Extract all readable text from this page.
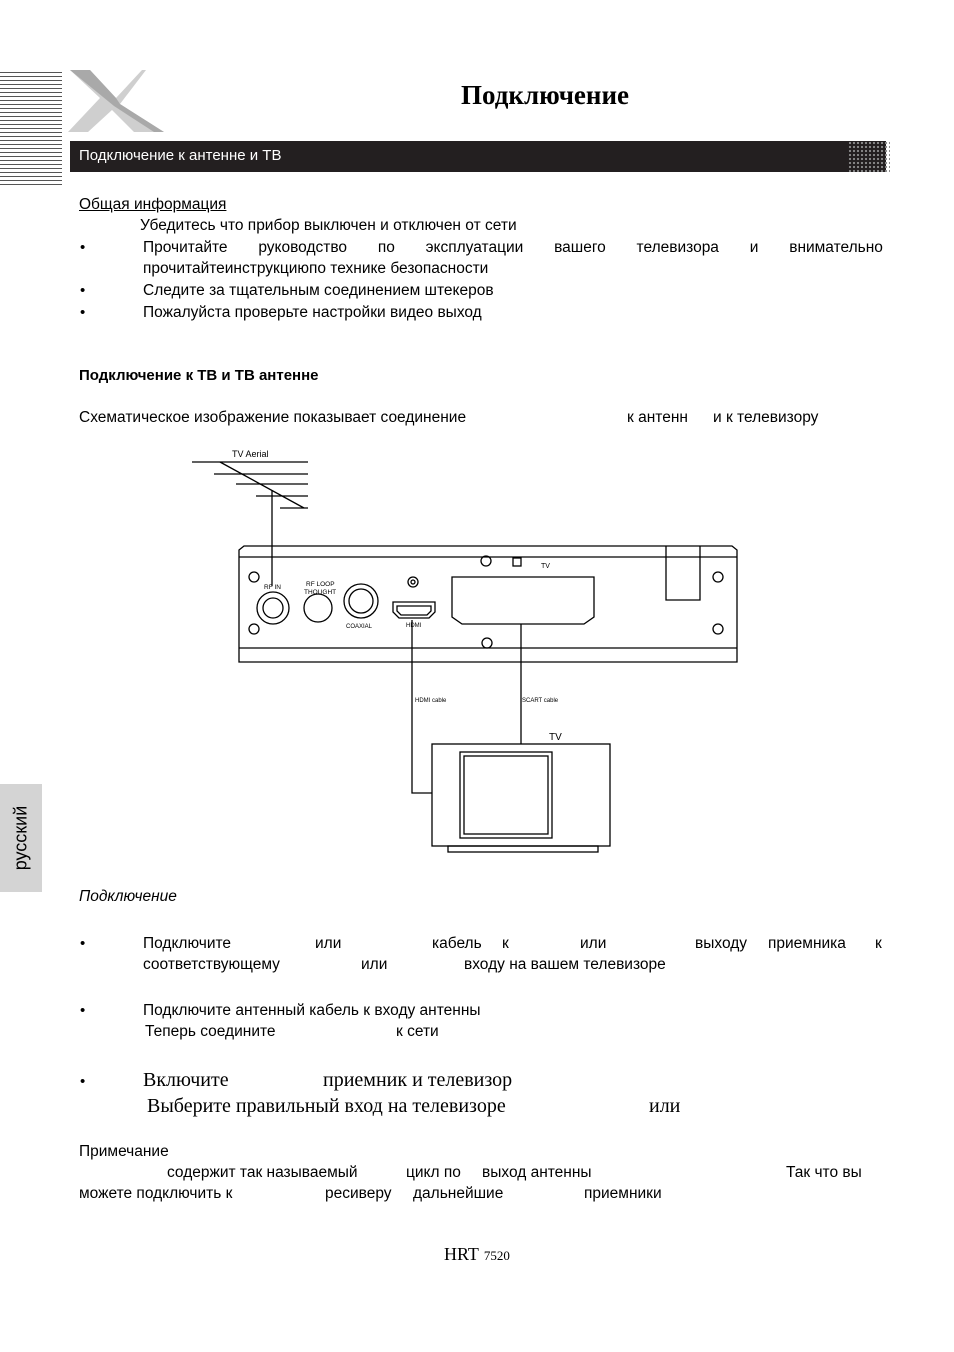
Подключение
Подключение к антенне и ТВ
Общая информация
Убедитесь что прибор выключен и отключен от сети
•	Прочитайте руководство по эксплуатации вашего телевизора и внимательно
прочитайтеинструкциюпо технике безопасности
•	Следите за тщательным соединением штекеров
•	Пожалуйста проверьте настройки видео выход
Подключение к ТВ и ТВ антенне
Схематическое изображение показывает соединение	к антенн и к телевизору
TV Aerial
TV
RF IN	RF LOOP
THOUGHT
COAXIAL	HDMI
HDMI cable	SCART cable
TV
Подключение
•	Подключите	или	кабель к	или	выходу приемника к
соответствующему	или	входу на вашем телевизоре
•	Подключите антенный кабель к входу антенны
Теперь соедините	к сети
•	Включите	приемник и телевизор
Выберите правильный вход на телевизоре	или
Примечание
содержит так называемый	цикл по выход антенны	Так что вы
можете подключить к	ресиверу дальнейшие	приемники
HRT 7520
русский
